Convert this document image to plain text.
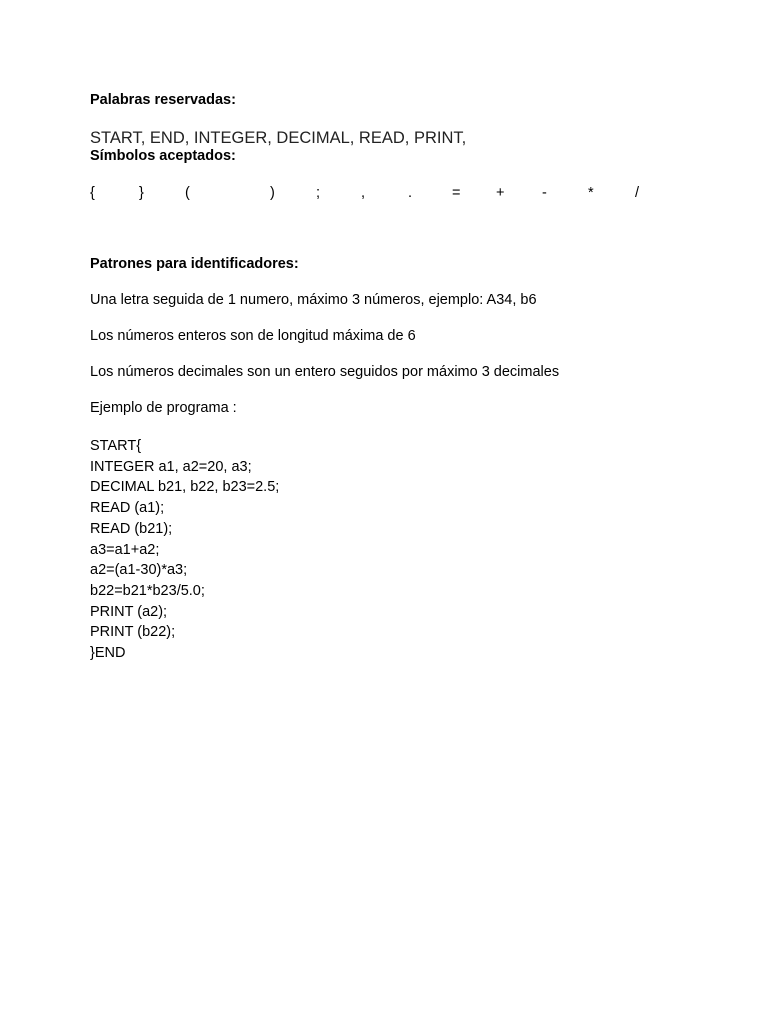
Palabras reservadas:
START, END, INTEGER, DECIMAL, READ, PRINT,
Símbolos aceptados:
{	}	(	)	;	,	.	= +	-	*	/
Patrones para identificadores:
Una letra seguida de 1 numero, máximo 3 números, ejemplo: A34, b6
Los números enteros son de longitud máxima de 6
Los números decimales son un entero seguidos por máximo 3 decimales
Ejemplo de programa :
START{
INTEGER a1, a2=20, a3;
DECIMAL b21, b22, b23=2.5;
READ (a1);
READ (b21);
a3=a1+a2;
a2=(a1-30)*a3;
b22=b21*b23/5.0;
PRINT (a2);
PRINT (b22);
}END
